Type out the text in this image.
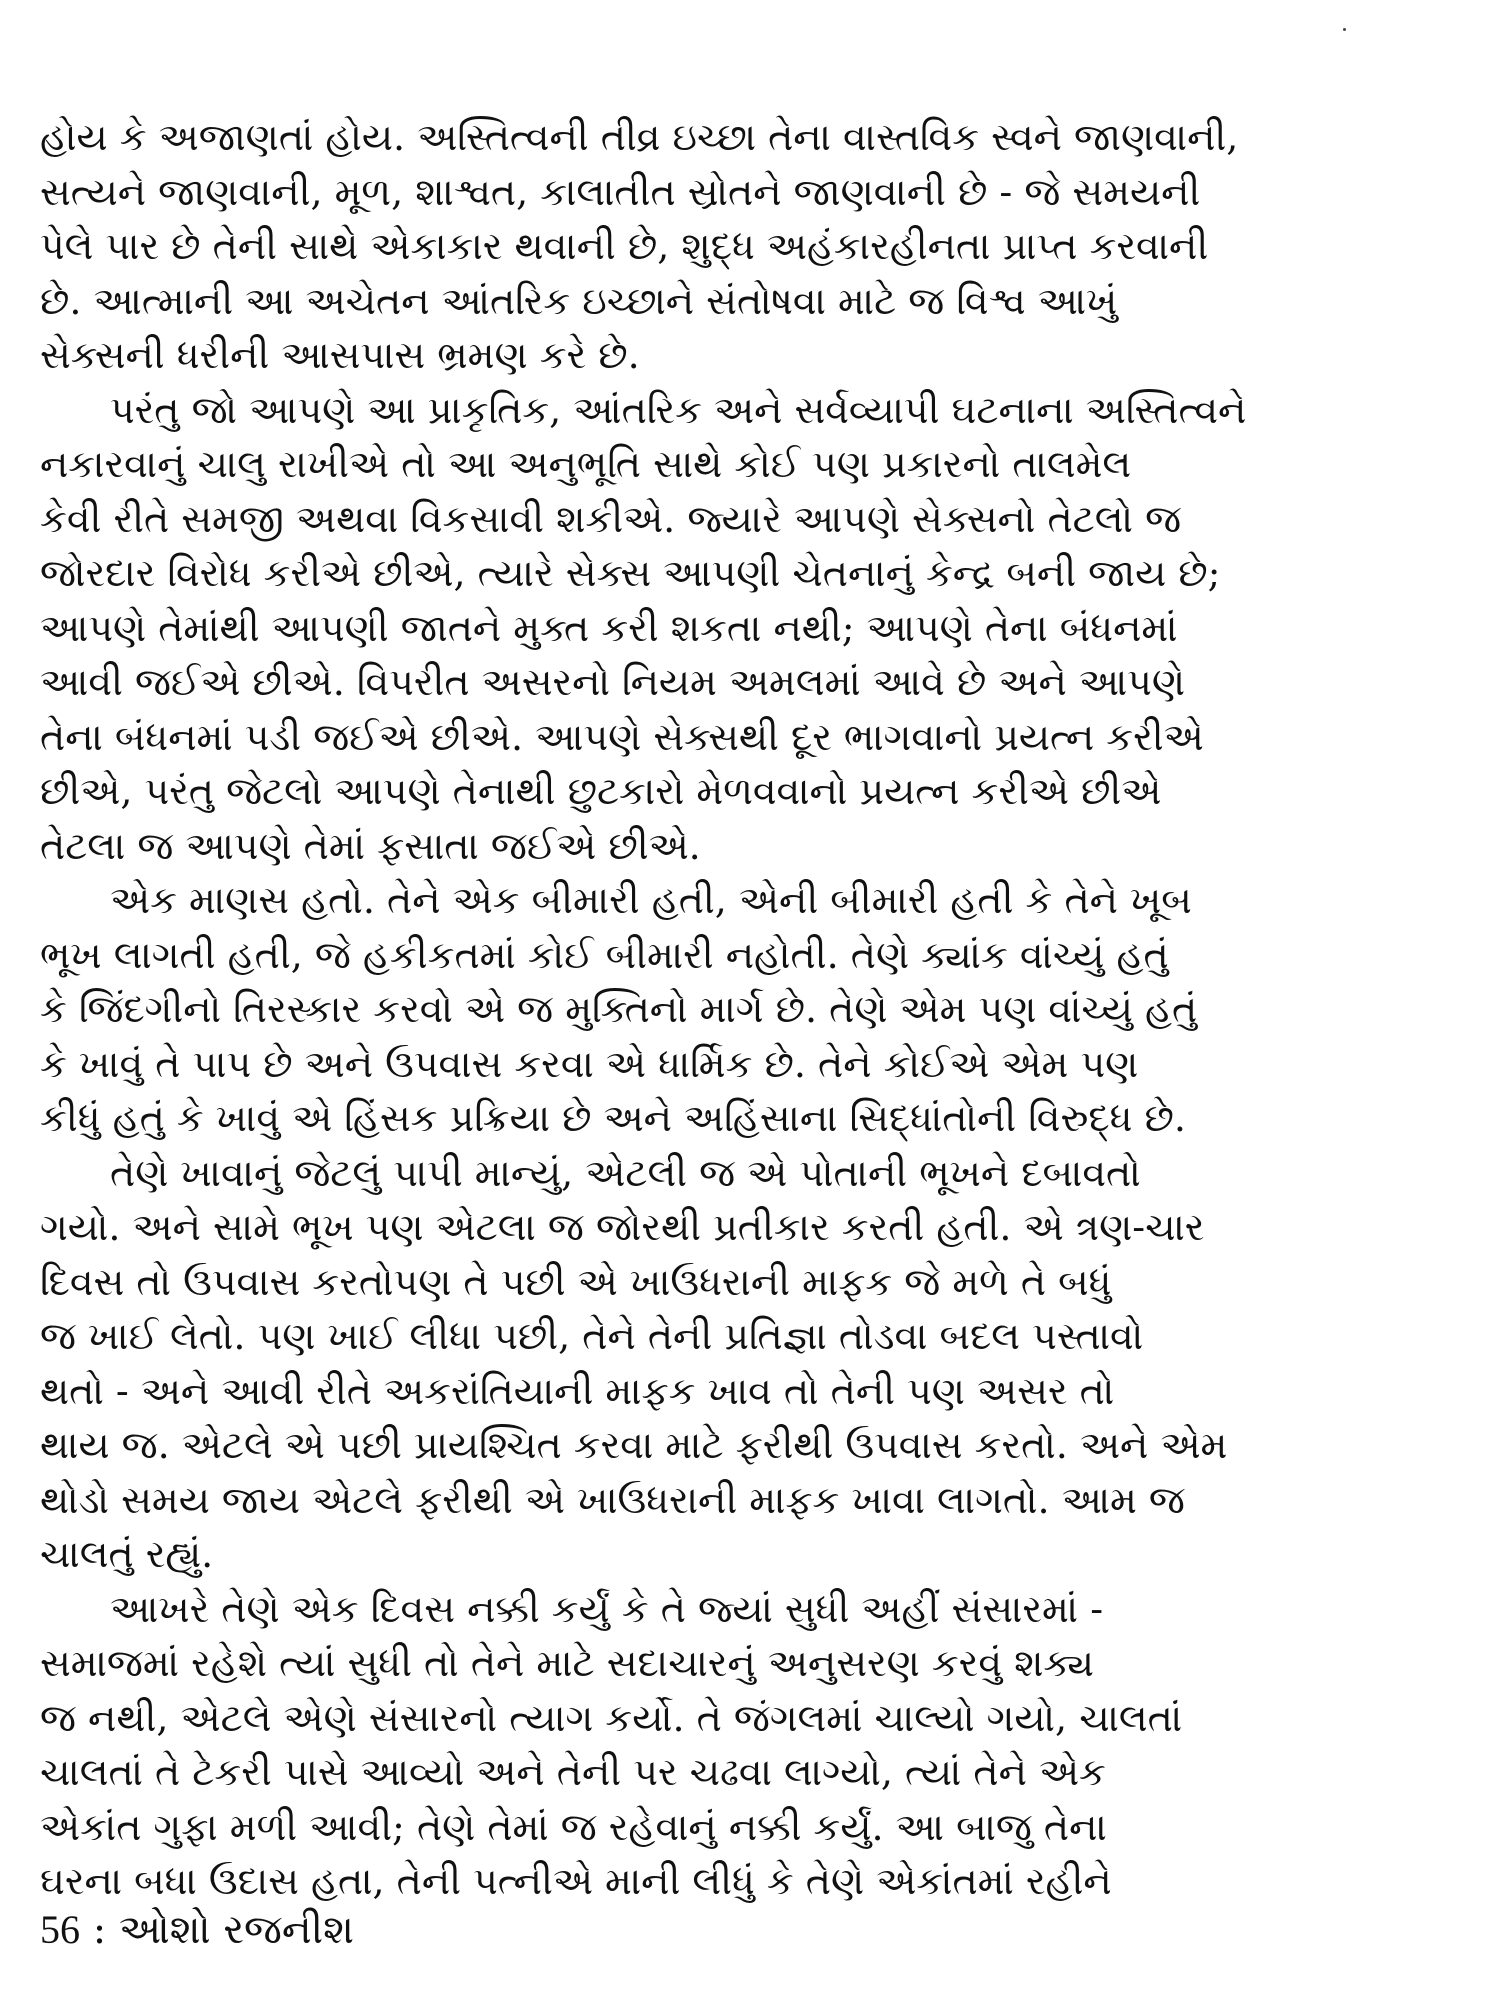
હોય કે અજાણતાં હોય. અસ્તિત્વની તીવ્ર ઇચ્છા તેના વાસ્તવિક સ્વને જાણવાની,
સત્યને જાણવાની, મૂળ, શાશ્વત, કાલાતીત સ્રોતને જાણવાની છે - જે સમયની
પેલે પાર છે તેની સાથે એકાકાર થવાની છે, શુદ્ધ અહંકારહીનતા પ્રાપ્ત કરવાની
છે. આત્માની આ અચેતન આંતરિક ઇચ્છાને સંતોષવા માટે જ વિશ્વ આખું
સેક્સની ધરીની આસપાસ ભ્રમણ કરે છે.
પરંતુ જો આપણે આ પ્રાકૃતિક, આંતરિક અને સર્વવ્યાપી ઘટનાના અસ્તિત્વને
નકારવાનું ચાલુ રાખીએ તો આ અનુભૂતિ સાથે કોઈ પણ પ્રકારનો તાલમેલ
કેવી રીતે સમજી અથવા વિકસાવી શકીએ. જ્યારે આપણે સેક્સનો તેટલો જ
જોરદાર વિરોધ કરીએ છીએ, ત્યારે સેક્સ આપણી ચેતનાનું કેન્દ્ર બની જાય છે;
આપણે તેમાંથી આપણી જાતને મુક્ત કરી શકતા નથી; આપણે તેના બંધનમાં
આવી જઈએ છીએ. વિપરીત અસરનો નિયમ અમલમાં આવે છે અને આપણે
તેના બંધનમાં પડી જઈએ છીએ. આપણે સેક્સથી દૂર ભાગવાનો પ્રયત્ન કરીએ
છીએ, પરંતુ જેટલો આપણે તેનાથી છુટકારો મેળવવાનો પ્રયત્ન કરીએ છીએ
તેટલા જ આપણે તેમાં ફસાતા જઈએ છીએ.
એક માણસ હતો. તેને એક બીમારી હતી, એની બીમારી હતી કે તેને ખૂબ
ભૂખ લાગતી હતી, જે હકીકતમાં કોઈ બીમારી નહોતી. તેણે ક્યાંક વાંચ્યું હતું
કે જિંદગીનો તિરસ્કાર કરવો એ જ મુક્તિનો માર્ગ છે. તેણે એમ પણ વાંચ્યું હતું
કે ખાવું તે પાપ છે અને ઉપવાસ કરવા એ ધાર્મિક છે. તેને કોઈએ એમ પણ
કીધું હતું કે ખાવું એ હિંસક પ્રક્રિયા છે અને અહિંસાના સિદ્ધાંતોની વિરુદ્ધ છે.
તેણે ખાવાનું જેટલું પાપી માન્યું, એટલી જ એ પોતાની ભૂખને દબાવતો
ગયો. અને સામે ભૂખ પણ એટલા જ જોરથી પ્રતીકાર કરતી હતી. એ ત્રણ-ચાર
દિવસ તો ઉપવાસ કરતોપણ તે પછી એ ખાઉધરાની માફક જે મળે તે બધું
જ ખાઈ લેતો. પણ ખાઈ લીધા પછી, તેને તેની પ્રતિજ્ઞા તોડવા બદલ પસ્તાવો
થતો - અને આવી રીતે અકરાંતિયાની માફક ખાવ તો તેની પણ અસર તો
થાય જ. એટલે એ પછી પ્રાયશ્ચિત કરવા માટે ફરીથી ઉપવાસ કરતો. અને એમ
થોડો સમય જાય એટલે ફરીથી એ ખાઉધરાની માફક ખાવા લાગતો. આમ જ
ચાલતું રહ્યું.
આખરે તેણે એક દિવસ નક્કી કર્યું કે તે જ્યાં સુધી અહીં સંસારમાં -
સમાજમાં રહેશે ત્યાં સુધી તો તેને માટે સદાચારનું અનુસરણ કરવું શક્ય
જ નથી, એટલે એણે સંસારનો ત્યાગ કર્યો. તે જંગલમાં ચાલ્યો ગયો, ચાલતાં
ચાલતાં તે ટેકરી પાસે આવ્યો અને તેની પર ચઢવા લાગ્યો, ત્યાં તેને એક
એકાંત ગુફા મળી આવી; તેણે તેમાં જ રહેવાનું નક્કી કર્યું. આ બાજુ તેના
ઘરના બધા ઉદાસ હતા, તેની પત્નીએ માની લીધું કે તેણે એકાંતમાં રહીને
56 : ઓશો રજનીશ
